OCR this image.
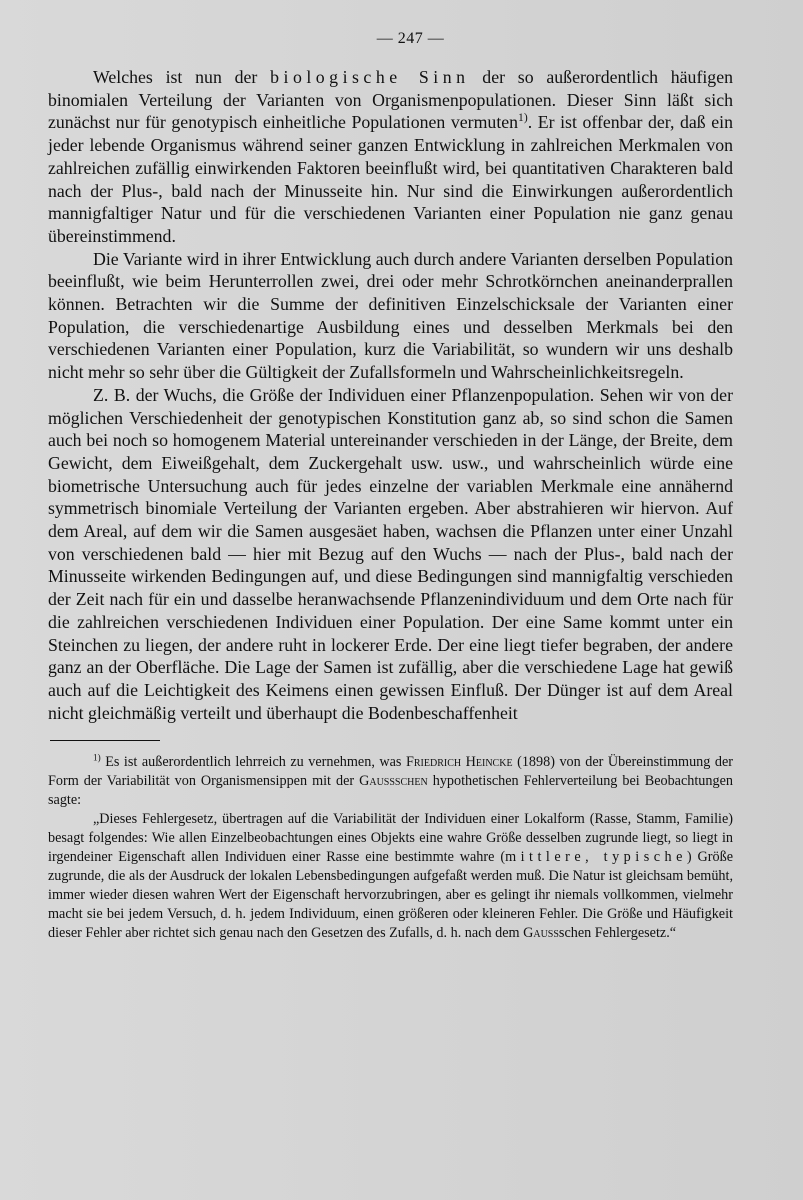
— 247 —

Welches ist nun der biologische Sinn der so außerordentlich häufigen binomialen Verteilung der Varianten von Organismenpopulationen. Dieser Sinn läßt sich zunächst nur für genotypisch einheitliche Populationen vermuten$^{1)}$. Er ist offenbar der, daß ein jeder lebende Organismus während seiner ganzen Entwicklung in zahlreichen Merkmalen von zahlreichen zufällig einwirkenden Faktoren beeinflußt wird, bei quantitativen Charakteren bald nach der Plus-, bald nach der Minusseite hin. Nur sind die Einwirkungen außerordentlich mannigfaltiger Natur und für die verschiedenen Varianten einer Population nie ganz genau übereinstimmend.

Die Variante wird in ihrer Entwicklung auch durch andere Varianten derselben Population beeinflußt, wie beim Herunterrollen zwei, drei oder mehr Schrotkörnchen aneinanderprallen können. Betrachten wir die Summe der definitiven Einzelschicksale der Varianten einer Population, die verschiedenartige Ausbildung eines und desselben Merkmals bei den verschiedenen Varianten einer Population, kurz die Variabilität, so wundern wir uns deshalb nicht mehr so sehr über die Gültigkeit der Zufallsformeln und Wahrscheinlichkeitsregeln.

Z. B. der Wuchs, die Größe der Individuen einer Pflanzenpopulation. Sehen wir von der möglichen Verschiedenheit der genotypischen Konstitution ganz ab, so sind schon die Samen auch bei noch so homogenem Material untereinander verschieden in der Länge, der Breite, dem Gewicht, dem Eiweißgehalt, dem Zuckergehalt usw. usw., und wahrscheinlich würde eine biometrische Untersuchung auch für jedes einzelne der variablen Merkmale eine annähernd symmetrisch binomiale Verteilung der Varianten ergeben. Aber abstrahieren wir hiervon. Auf dem Areal, auf dem wir die Samen ausgesäet haben, wachsen die Pflanzen unter einer Unzahl von verschiedenen bald — hier mit Bezug auf den Wuchs — nach der Plus-, bald nach der Minusseite wirkenden Bedingungen auf, und diese Bedingungen sind mannigfaltig verschieden der Zeit nach für ein und dasselbe heranwachsende Pflanzenindividuum und dem Orte nach für die zahlreichen verschiedenen Individuen einer Population. Der eine Same kommt unter ein Steinchen zu liegen, der andere ruht in lockerer Erde. Der eine liegt tiefer begraben, der andere ganz an der Oberfläche. Die Lage der Samen ist zufällig, aber die verschiedene Lage hat gewiß auch auf die Leichtigkeit des Keimens einen gewissen Einfluß. Der Dünger ist auf dem Areal nicht gleichmäßig verteilt und überhaupt die Bodenbeschaffenheit

$^{1)}$ Es ist außerordentlich lehrreich zu vernehmen, was Friedrich Heincke (1898) von der Übereinstimmung der Form der Variabilität von Organismensippen mit der Gaussschen hypothetischen Fehlerverteilung bei Beobachtungen sagte:

„Dieses Fehlergesetz, übertragen auf die Variabilität der Individuen einer Lokalform (Rasse, Stamm, Familie) besagt folgendes: Wie allen Einzelbeobachtungen eines Objekts eine wahre Größe desselben zugrunde liegt, so liegt in irgendeiner Eigenschaft allen Individuen einer Rasse eine bestimmte wahre (mittlere, typische) Größe zugrunde, die als der Ausdruck der lokalen Lebensbedingungen aufgefaßt werden muß. Die Natur ist gleichsam bemüht, immer wieder diesen wahren Wert der Eigenschaft hervorzubringen, aber es gelingt ihr niemals vollkommen, vielmehr macht sie bei jedem Versuch, d. h. jedem Individuum, einen größeren oder kleineren Fehler. Die Größe und Häufigkeit dieser Fehler aber richtet sich genau nach den Gesetzen des Zufalls, d. h. nach dem Gaussschen Fehlergesetz.“
